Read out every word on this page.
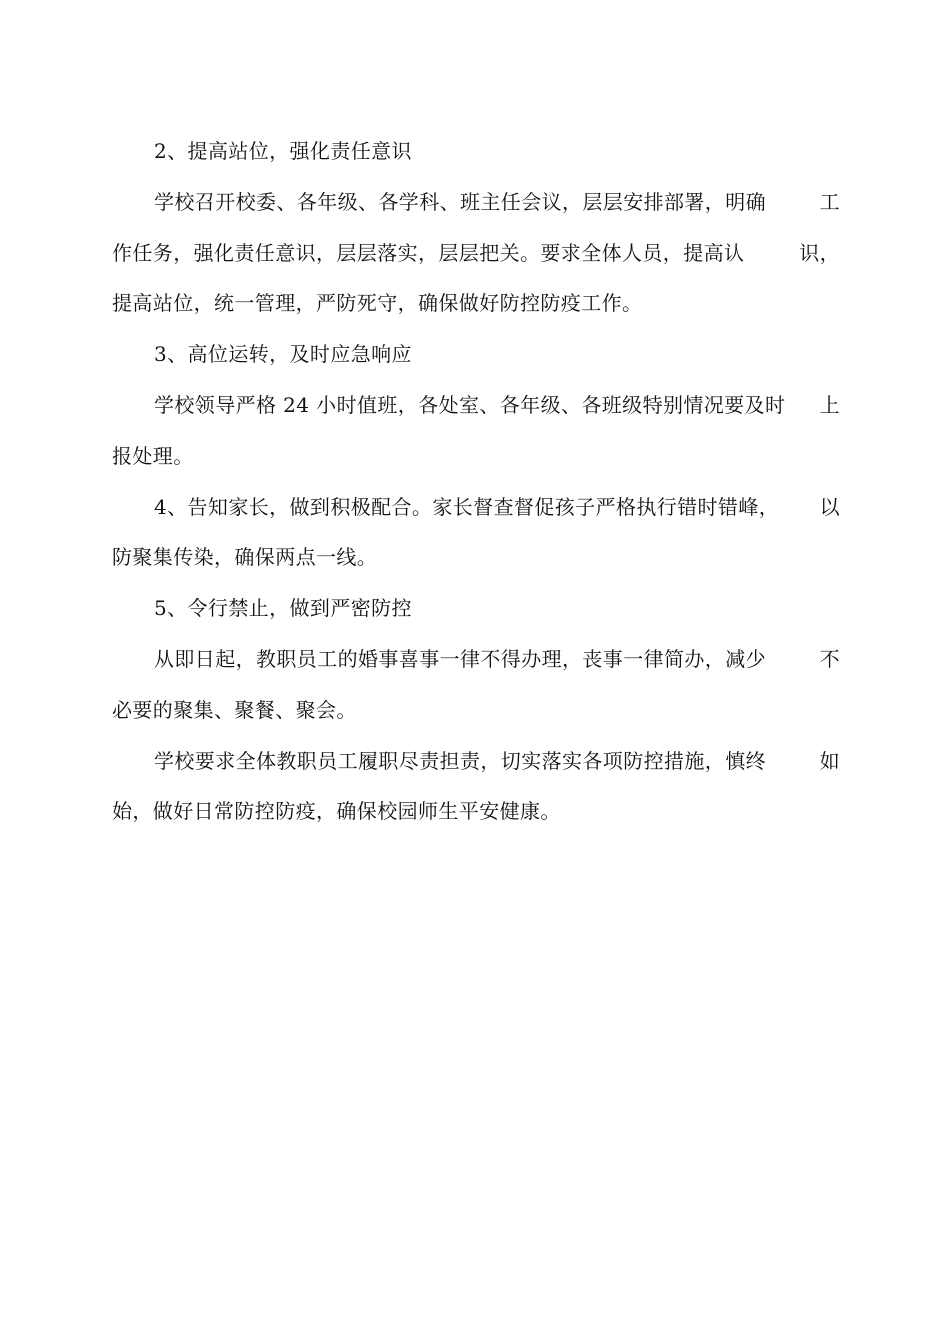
2、提高站位，强化责任意识
学校召开校委、各年级、各学科、班主任会议，层层安排部署，明确	工
作任务，强化责任意识，层层落实，层层把关。要求全体人员，提高认	识，
提高站位，统一管理，严防死守，确保做好防控防疫工作。
3、高位运转，及时应急响应
学校领导严格 24 小时值班，各处室、各年级、各班级特别情况要及时 上
报处理。
4、告知家长，做到积极配合。家长督查督促孩子严格执行错时错峰， 以
防聚集传染，确保两点一线。
5、令行禁止，做到严密防控
从即日起，教职员工的婚事喜事一律不得办理，丧事一律简办，减少	不
必要的聚集、聚餐、聚会。
学校要求全体教职员工履职尽责担责，切实落实各项防控措施，慎终	如
始，做好日常防控防疫，确保校园师生平安健康。
